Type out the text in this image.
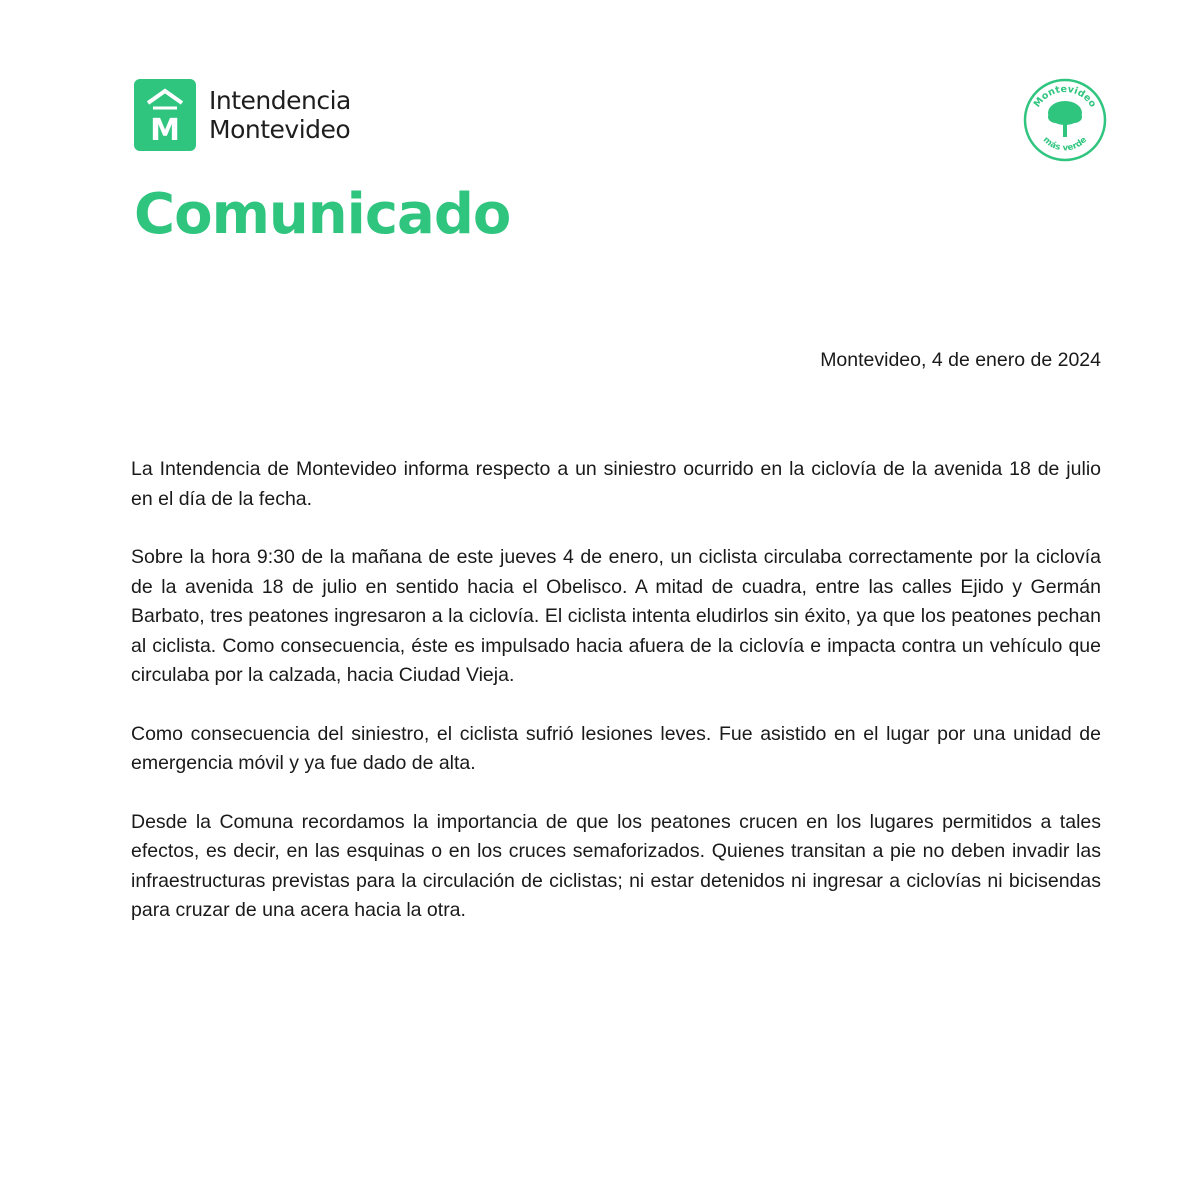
M
Intendencia
Montevideo
Montevideo
más verde
Comunicado
Montevideo, 4 de enero de 2024

La Intendencia de Montevideo informa respecto a un siniestro ocurrido en la ciclovía de la avenida 18 de julio en el día de la fecha.

Sobre la hora 9:30 de la mañana de este jueves 4 de enero, un ciclista circulaba correctamente por la ciclovía de la avenida 18 de julio en sentido hacia el Obelisco. A mitad de cuadra, entre las calles Ejido y Germán Barbato, tres peatones ingresaron a la ciclovía. El ciclista intenta eludirlos sin éxito, ya que los peatones pechan al ciclista. Como consecuencia, éste es impulsado hacia afuera de la ciclovía e impacta contra un vehículo que circulaba por la calzada, hacia Ciudad Vieja.

Como consecuencia del siniestro, el ciclista sufrió lesiones leves. Fue asistido en el lugar por una unidad de emergencia móvil y ya fue dado de alta.

Desde la Comuna recordamos la importancia de que los peatones crucen en los lugares permitidos a tales efectos, es decir, en las esquinas o en los cruces semaforizados. Quienes transitan a pie no deben invadir las infraestructuras previstas para la circulación de ciclistas; ni estar detenidos ni ingresar a ciclovías ni bicisendas para cruzar de una acera hacia la otra.
